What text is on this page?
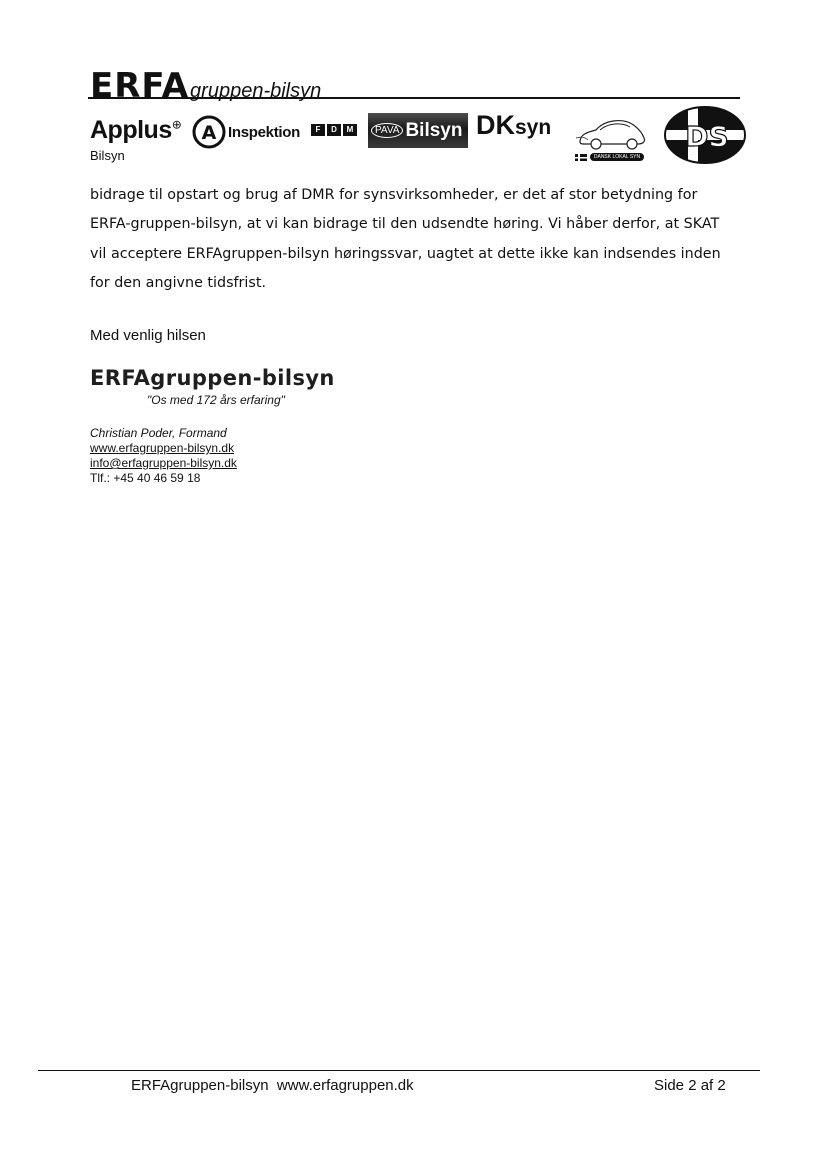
ERFAgruppen-bilsyn
Applus⊕
Bilsyn
A Inspektion	F	D	M	PAVA Bilsyn DKsyn
DANSK LOKAL SYN
DS
bidrage til opstart og brug af DMR for synsvirksomheder, er det af stor betydning for ERFA-gruppen-bilsyn, at vi kan bidrage til den udsendte høring. Vi håber derfor, at SKAT vil acceptere ERFAgruppen-bilsyn høringssvar, uagtet at dette ikke kan indsendes inden for den angivne tidsfrist.
Med venlig hilsen
ERFAgruppen-bilsyn
"Os med 172 års erfaring"
Christian Poder, Formand
www.erfagruppen-bilsyn.dk
info@erfagruppen-bilsyn.dk
Tlf.: +45 40 46 59 18
ERFAgruppen-bilsyn  www.erfagruppen.dk	Side 2 af 2
